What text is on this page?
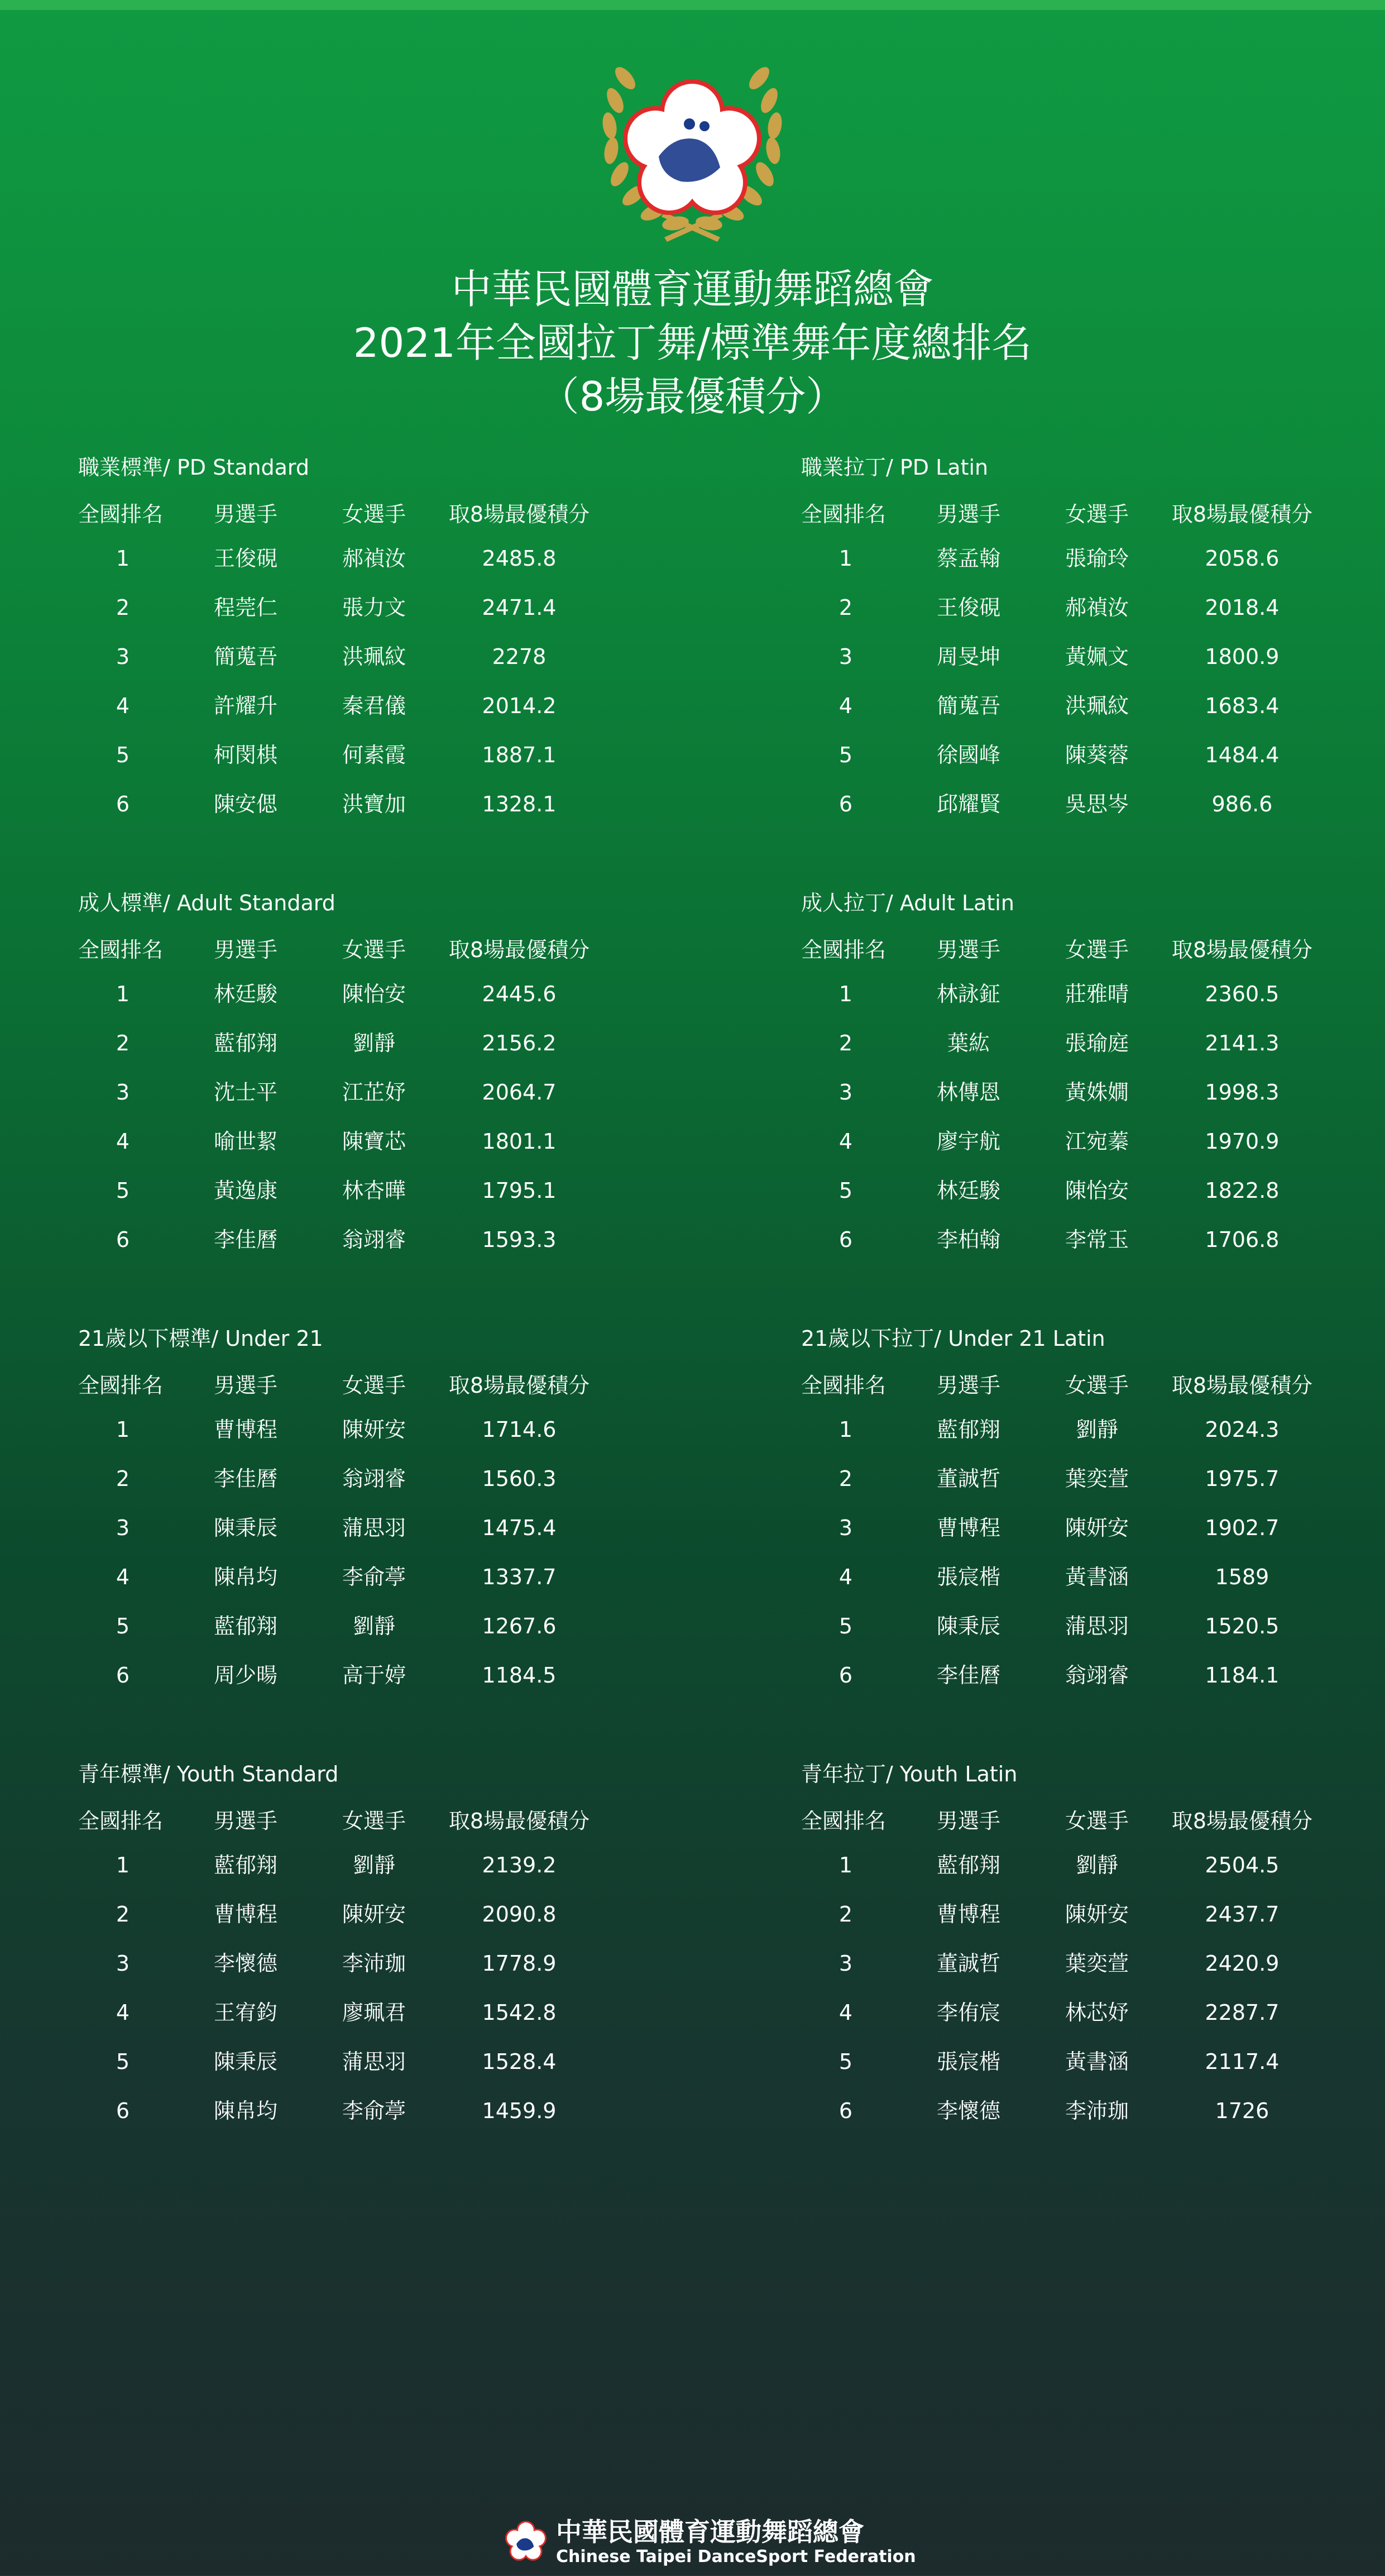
中華民國體育運動舞蹈總會
2021年全國拉丁舞/標準舞年度總排名
（8場最優積分）
職業標準/ PD Standard
全國排名	男選手	女選手	取8場最優積分
1	王俊硯	郝禎汝	2485.8
2	程莞仁	張力文	2471.4
3	簡蒐吾	洪珮紋	2278
4	許耀升	秦君儀	2014.2
5	柯閔棋	何素霞	1887.1
6	陳安偲	洪寶加	1328.1
職業拉丁/ PD Latin
全國排名	男選手	女選手	取8場最優積分
1	蔡孟翰	張瑜玲	2058.6
2	王俊硯	郝禎汝	2018.4
3	周旻坤	黃姵文	1800.9
4	簡蒐吾	洪珮紋	1683.4
5	徐國峰	陳葵蓉	1484.4
6	邱耀賢	吳思岑	986.6
成人標準/ Adult Standard
全國排名	男選手	女選手	取8場最優積分
1	林廷駿	陳怡安	2445.6
2	藍郁翔	劉靜	2156.2
3	沈士平	江芷妤	2064.7
4	喻世絜	陳寶芯	1801.1
5	黃逸康	林杏曄	1795.1
6	李佳曆	翁翊睿	1593.3
成人拉丁/ Adult Latin
全國排名	男選手	女選手	取8場最優積分
1	林詠鉦	莊雅晴	2360.5
2	葉紘	張瑜庭	2141.3
3	林傳恩	黃姝嫺	1998.3
4	廖宇航	江宛蓁	1970.9
5	林廷駿	陳怡安	1822.8
6	李柏翰	李常玉	1706.8
21歲以下標準/ Under 21
全國排名	男選手	女選手	取8場最優積分
1	曹博程	陳妍安	1714.6
2	李佳曆	翁翊睿	1560.3
3	陳秉辰	蒲思羽	1475.4
4	陳帛均	李俞葶	1337.7
5	藍郁翔	劉靜	1267.6
6	周少暘	高于婷	1184.5
21歲以下拉丁/ Under 21 Latin
全國排名	男選手	女選手	取8場最優積分
1	藍郁翔	劉靜	2024.3
2	董誠哲	葉奕萱	1975.7
3	曹博程	陳妍安	1902.7
4	張宸楷	黃書涵	1589
5	陳秉辰	蒲思羽	1520.5
6	李佳曆	翁翊睿	1184.1
青年標準/ Youth Standard
全國排名	男選手	女選手	取8場最優積分
1	藍郁翔	劉靜	2139.2
2	曹博程	陳妍安	2090.8
3	李懷德	李沛珈	1778.9
4	王宥鈞	廖珮君	1542.8
5	陳秉辰	蒲思羽	1528.4
6	陳帛均	李俞葶	1459.9
青年拉丁/ Youth Latin
全國排名	男選手	女選手	取8場最優積分
1	藍郁翔	劉靜	2504.5
2	曹博程	陳妍安	2437.7
3	董誠哲	葉奕萱	2420.9
4	李侑宸	林芯妤	2287.7
5	張宸楷	黃書涵	2117.4
6	李懷德	李沛珈	1726
中華民國體育運動舞蹈總會
Chinese Taipei DanceSport Federation
